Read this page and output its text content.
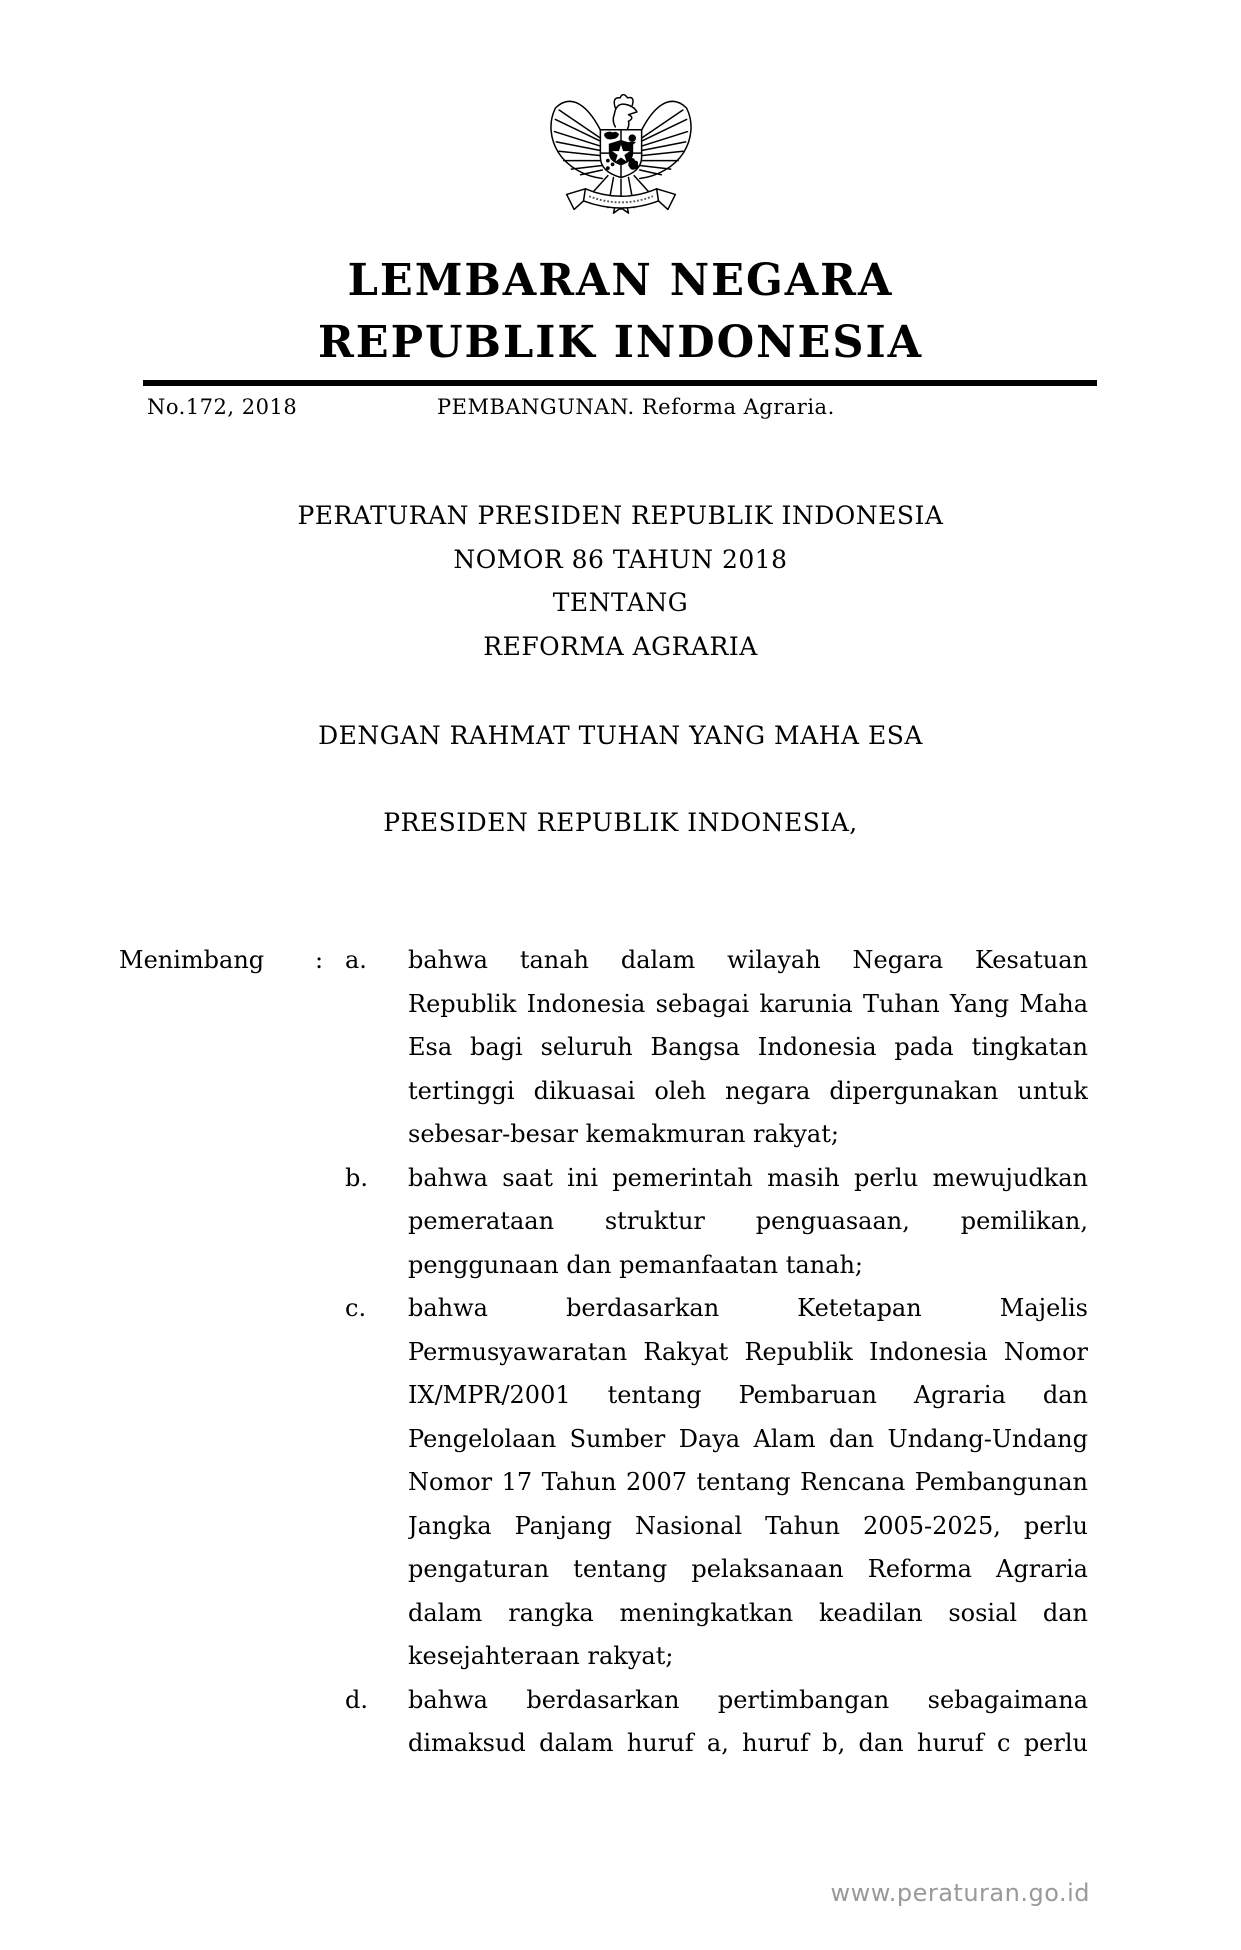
LEMBARAN NEGARA
REPUBLIK INDONESIA
No.172, 2018	PEMBANGUNAN. Reforma Agraria.
PERATURAN PRESIDEN REPUBLIK INDONESIA
NOMOR 86 TAHUN 2018
TENTANG
REFORMA AGRARIA
DENGAN RAHMAT TUHAN YANG MAHA ESA
PRESIDEN REPUBLIK INDONESIA,
Menimbang : a. bahwa tanah dalam wilayah Negara Kesatuan
Republik Indonesia sebagai karunia Tuhan Yang Maha
Esa bagi seluruh Bangsa Indonesia pada tingkatan
tertinggi dikuasai oleh negara dipergunakan untuk
sebesar-besar kemakmuran rakyat;
b. bahwa saat ini pemerintah masih perlu mewujudkan
pemerataan struktur penguasaan, pemilikan,
penggunaan dan pemanfaatan tanah;
c. bahwa berdasarkan Ketetapan Majelis
Permusyawaratan Rakyat Republik Indonesia Nomor
IX/MPR/2001 tentang Pembaruan Agraria dan
Pengelolaan Sumber Daya Alam dan Undang-Undang
Nomor 17 Tahun 2007 tentang Rencana Pembangunan
Jangka Panjang Nasional Tahun 2005-2025, perlu
pengaturan tentang pelaksanaan Reforma Agraria
dalam rangka meningkatkan keadilan sosial dan
kesejahteraan rakyat;
d. bahwa berdasarkan pertimbangan sebagaimana
dimaksud dalam huruf a, huruf b, dan huruf c perlu
www.peraturan.go.id
